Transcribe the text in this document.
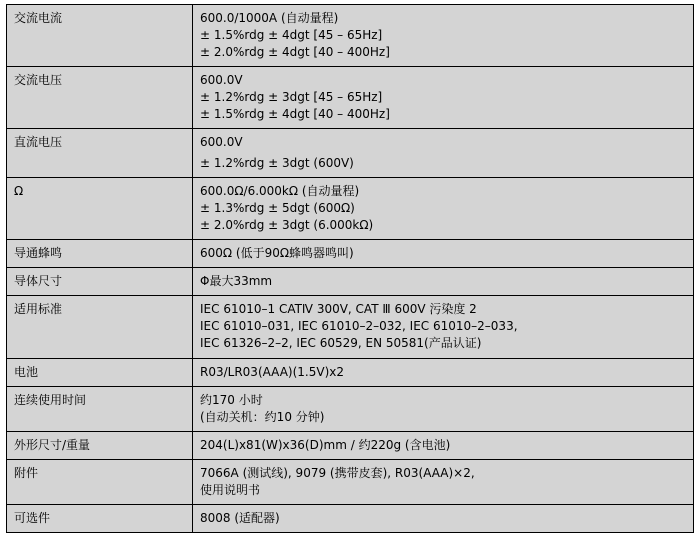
交流电流	600.0/1000A (自动量程)
± 1.5%rdg ± 4dgt [45 – 65Hz]
± 2.0%rdg ± 4dgt [40 – 400Hz]

交流电压	600.0V
± 1.2%rdg ± 3dgt [45 – 65Hz]
± 1.5%rdg ± 4dgt [40 – 400Hz]

直流电压	600.0V
± 1.2%rdg ± 3dgt (600V)

Ω	600.0Ω/6.000kΩ (自动量程)
± 1.3%rdg ± 5dgt (600Ω)
± 2.0%rdg ± 3dgt (6.000kΩ)

导通蜂鸣	600Ω (低于90Ω蜂鸣器鸣叫)

导体尺寸	Φ最大33mm

适用标准	IEC 61010–1 CATⅣ 300V, CAT Ⅲ 600V 污染度 2
IEC 61010–031, IEC 61010–2–032, IEC 61010–2–033,
IEC 61326–2–2, IEC 60529, EN 50581(产品认证)

电池	R03/LR03(AAA)(1.5V)x2

连续使用时间	约170 小时
(自动关机：约10 分钟)

外形尺寸/重量	204(L)x81(W)x36(D)mm / 约220g (含电池)

附件	7066A (测试线), 9079 (携带皮套), R03(AAA)×2,
使用说明书

可选件	8008 (适配器)
